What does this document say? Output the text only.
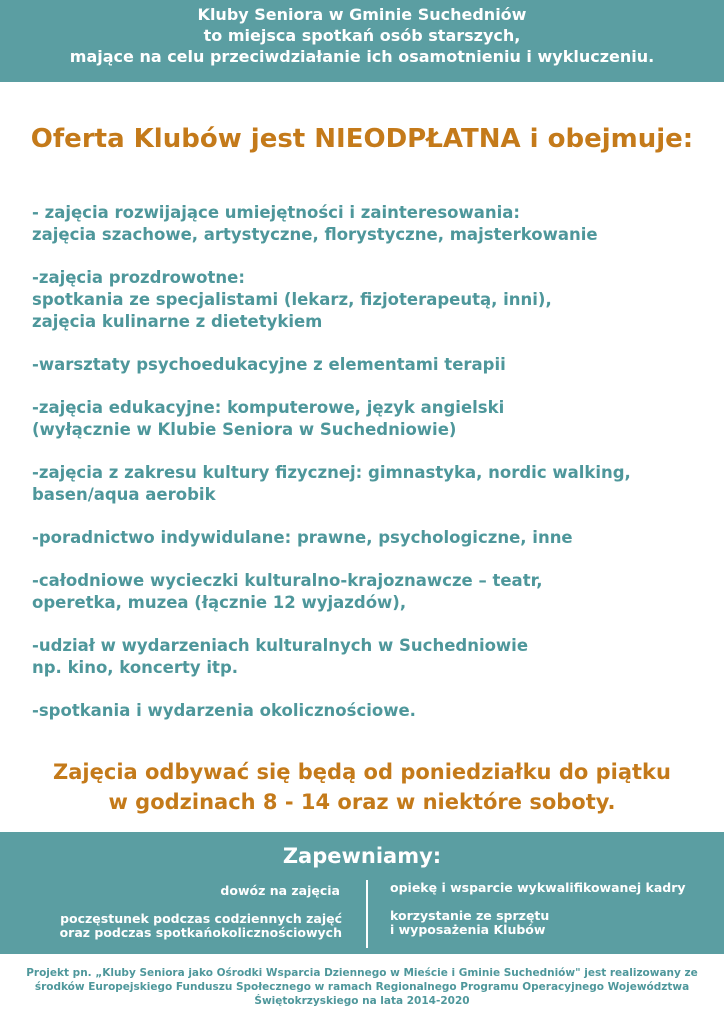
Kluby Seniora w Gminie Suchedniów
to miejsca spotkań osób starszych,
mające na celu przeciwdziałanie ich osamotnieniu i wykluczeniu.
Oferta Klubów jest NIEODPŁATNA i obejmuje:
- zajęcia rozwijające umiejętności i zainteresowania:
zajęcia szachowe, artystyczne, florystyczne, majsterkowanie
-zajęcia prozdrowotne:
spotkania ze specjalistami (lekarz, fizjoterapeutą, inni),
zajęcia kulinarne z dietetykiem
-warsztaty psychoedukacyjne z elementami terapii
-zajęcia edukacyjne: komputerowe, język angielski
(wyłącznie w Klubie Seniora w Suchedniowie)
-zajęcia z zakresu kultury fizycznej: gimnastyka, nordic walking,
basen/aqua aerobik
-poradnictwo indywidulane: prawne, psychologiczne, inne
-całodniowe wycieczki kulturalno-krajoznawcze – teatr,
operetka, muzea (łącznie 12 wyjazdów),
-udział w wydarzeniach kulturalnych w Suchedniowie
np. kino, koncerty itp.
-spotkania i wydarzenia okolicznościowe.
Zajęcia odbywać się będą od poniedziałku do piątku
w godzinach 8 - 14 oraz w niektóre soboty.
Zapewniamy:
dowóz na zajęcia
poczęstunek podczas codziennych zajęć
oraz podczas spotkańokolicznościowych
opiekę i wsparcie wykwalifikowanej kadry
korzystanie ze sprzętu
i wyposażenia Klubów
Projekt pn. „Kluby Seniora jako Ośrodki Wsparcia Dziennego w Mieście i Gminie Suchedniów" jest realizowany ze
środków Europejskiego Funduszu Społecznego w ramach Regionalnego Programu Operacyjnego Województwa
Świętokrzyskiego na lata 2014-2020
